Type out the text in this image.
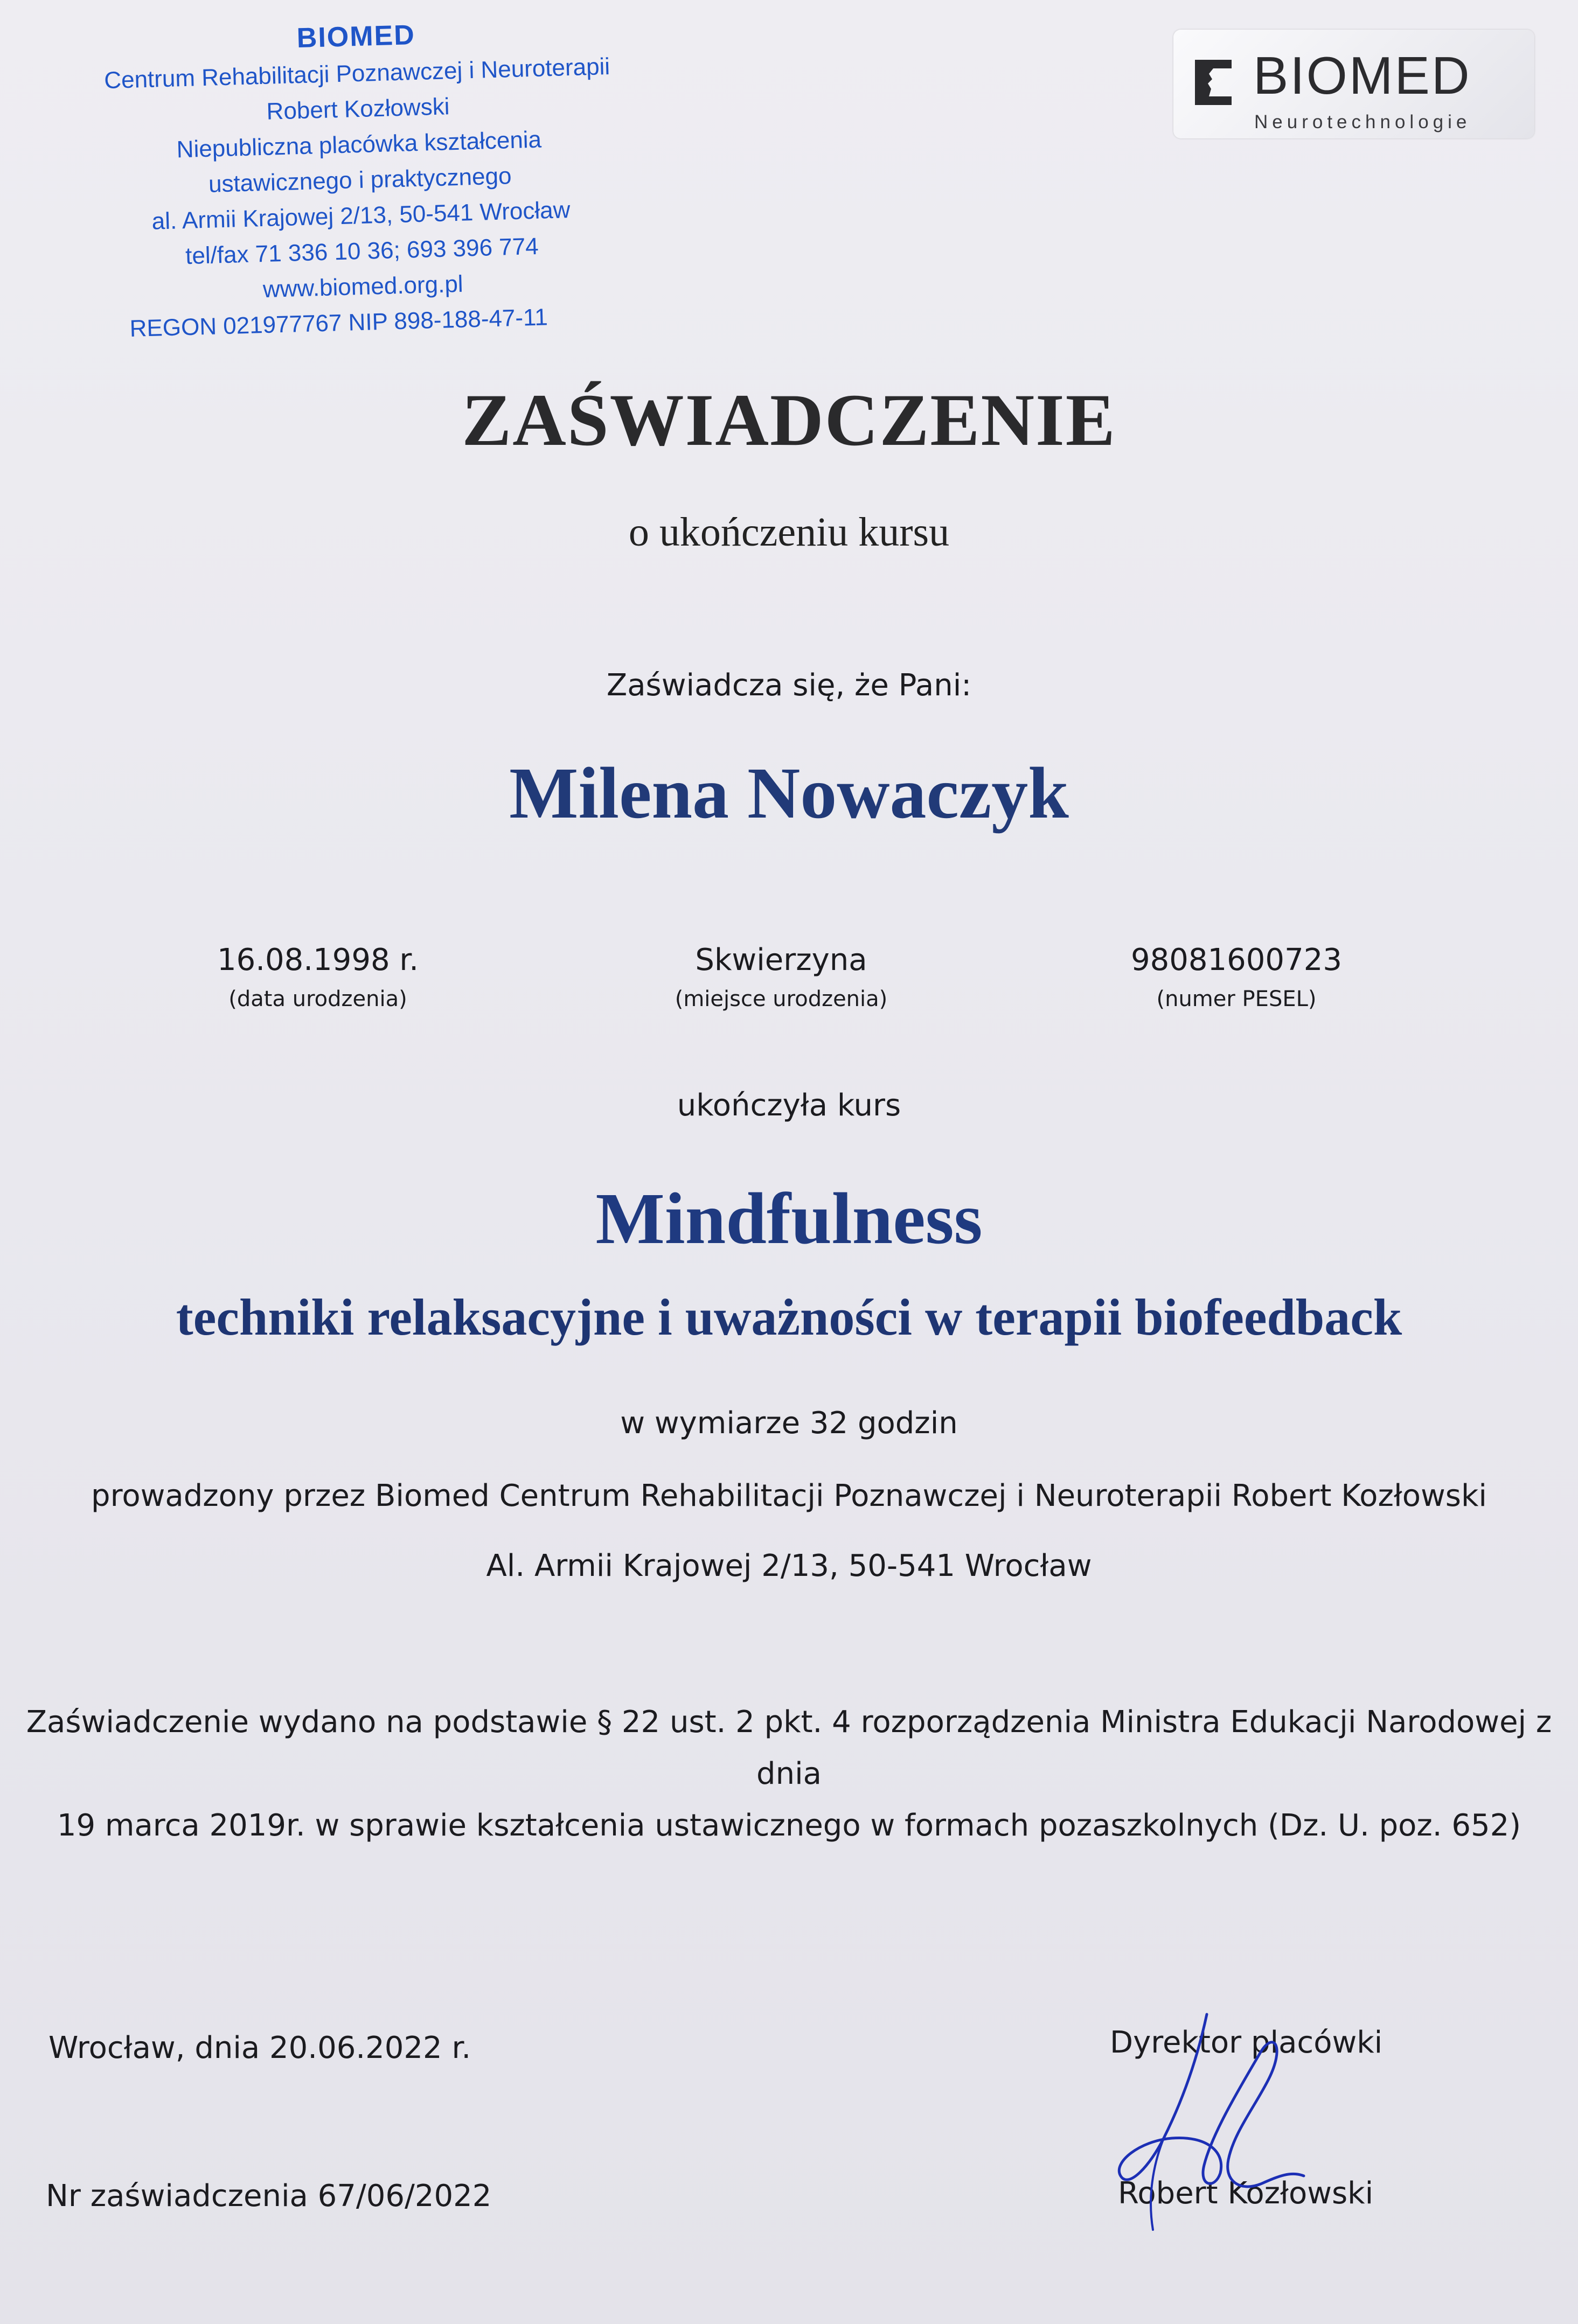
BIOMED
Centrum Rehabilitacji Poznawczej i Neuroterapii
Robert Kozłowski
Niepubliczna placówka kształcenia
ustawicznego i praktycznego
al. Armii Krajowej 2/13, 50-541 Wrocław
tel/fax 71 336 10 36; 693 396 774
www.biomed.org.pl
REGON 021977767 NIP 898-188-47-11
BIOMED
Neurotechnologie
ZAŚWIADCZENIE
o ukończeniu kursu
Zaświadcza się, że Pani:
Milena Nowaczyk
16.08.1998 r.
(data urodzenia)
Skwierzyna
(miejsce urodzenia)
98081600723
(numer PESEL)
ukończyła kurs
Mindfulness
techniki relaksacyjne i uważności w terapii biofeedback
w wymiarze 32 godzin
prowadzony przez Biomed Centrum Rehabilitacji Poznawczej i Neuroterapii Robert Kozłowski
Al. Armii Krajowej 2/13, 50-541 Wrocław
Zaświadczenie wydano na podstawie § 22 ust. 2 pkt. 4 rozporządzenia Ministra Edukacji Narodowej z dnia
19 marca 2019r. w sprawie kształcenia ustawicznego w formach pozaszkolnych (Dz. U. poz. 652)
Wrocław, dnia 20.06.2022 r.
Nr zaświadczenia 67/06/2022
Dyrektor placówki
Robert Kozłowski
